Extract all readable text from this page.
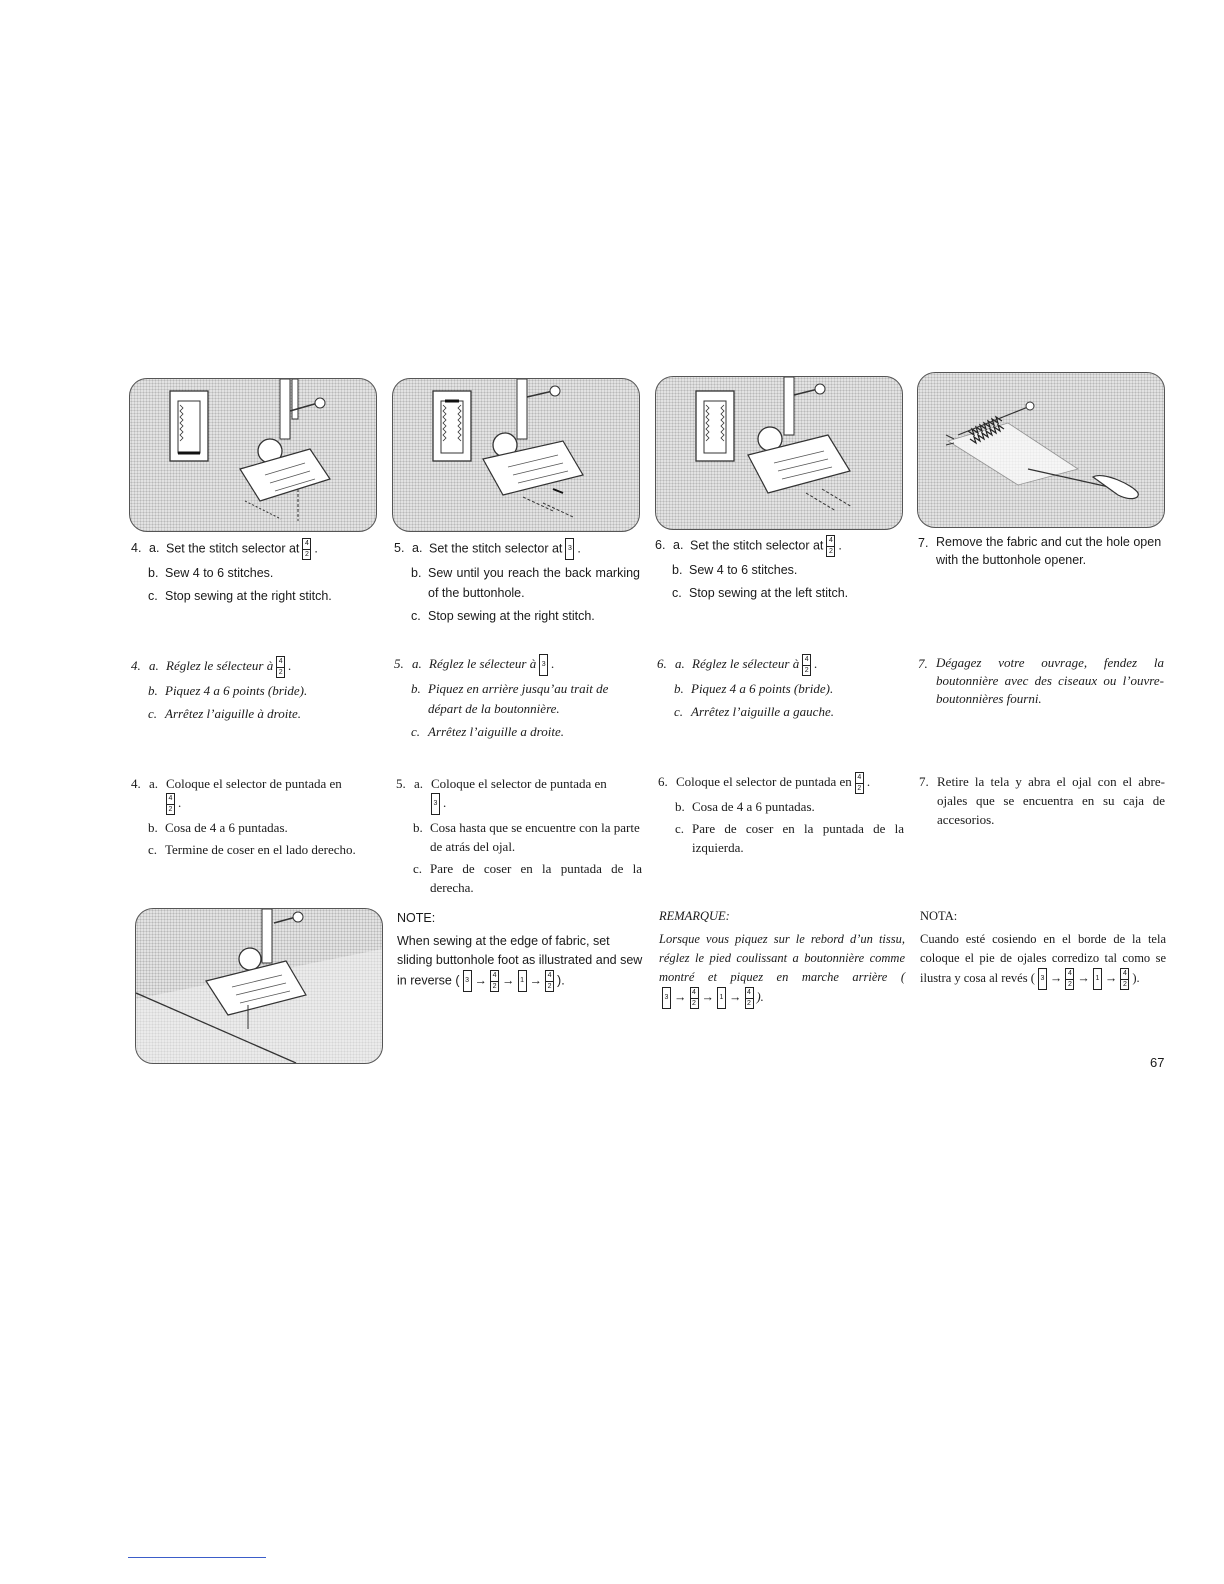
4. a. Set the stitch selector at $\frac{4}{2}$ .
b. Sew 4 to 6 stitches.
c. Stop sewing at the right stitch.
5. a. Set the stitch selector at 3 .
b. Sew until you reach the back marking of the buttonhole.
c. Stop sewing at the right stitch.
6. a. Set the stitch selector at $\frac{4}{2}$ .
b. Sew 4 to 6 stitches.
c. Stop sewing at the left stitch.
7. Remove the fabric and cut the hole open with the buttonhole opener.
4. a. Réglez le sélecteur à $\frac{4}{2}$ .
b. Piquez 4 a 6 points (bride).
c. Arrêtez l’aiguille à droite.
5. a. Réglez le sélecteur à 3 .
b. Piquez en arrière jusqu’au trait de départ de la boutonnière.
c. Arrêtez l’aiguille a droite.
6. a. Réglez le sélecteur à $\frac{4}{2}$ .
b. Piquez 4 a 6 points (bride).
c. Arrêtez l’aiguille a gauche.
7. Dégagez votre ouvrage, fendez la boutonnière avec des ciseaux ou l’ouvre-boutonnières fourni.
4. a. Coloque el selector de puntada en

$\frac{4}{2}$ .
b. Cosa de 4 a 6 puntadas.
c. Termine de coser en el lado derecho.
5. a. Coloque el selector de puntada en

3 .
b. Cosa hasta que se encuentre con la parte de atrás del ojal.
c. Pare de coser en la puntada de la derecha.
6. Coloque el selector de puntada en $\frac{4}{2}$ .
b. Cosa de 4 a 6 puntadas.
c. Pare de coser en la puntada de la izquierda.
7. Retire la tela y abra el ojal con el abre-ojales que se encuentra en su caja de accesorios.

NOTE:

When sewing at the edge of fabric, set sliding buttonhole foot as illustrated and sew in reverse ( $3 \to \frac{4}{2} \to 1 \to \frac{4}{2}$ ).

REMARQUE:

Lorsque vous piquez sur le rebord d’un tissu, réglez le pied coulissant a boutonnière comme montré et piquez en marche arrière (
$3 \to \frac{4}{2} \to 1 \to \frac{4}{2}$ ).

NOTA:

Cuando esté cosiendo en el borde de la tela coloque el pie de ojales corredizo tal como se ilustra y cosa al revés ( $3 \to \frac{4}{2} \to 1 \to \frac{4}{2}$ ).

67
